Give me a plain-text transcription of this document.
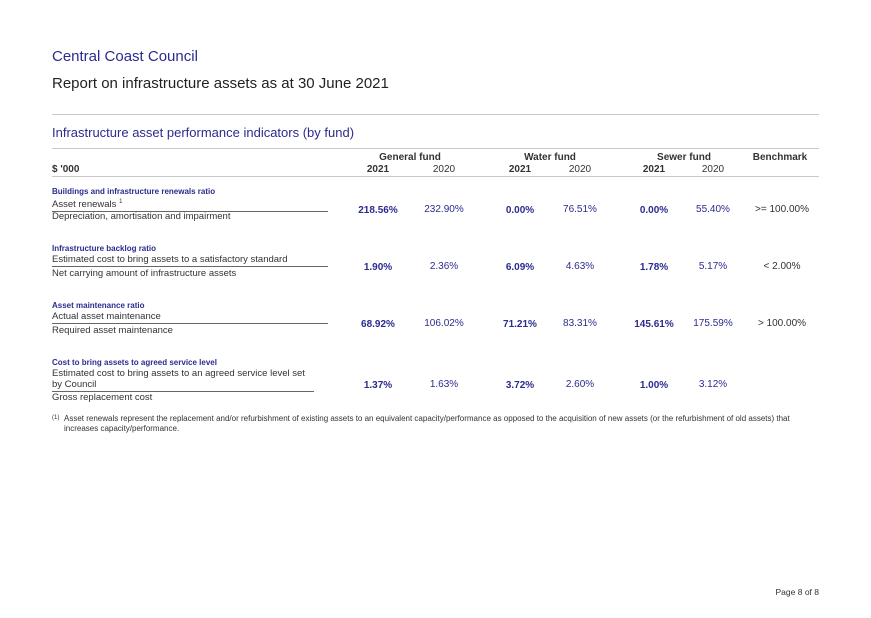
Central Coast Council
Report on infrastructure assets as at 30 June 2021
Infrastructure asset performance indicators (by fund)
General fund	Water fund	Sewer fund	Benchmark
$ '000	2021	2020	2021	2020	2021	2020
Buildings and infrastructure renewals ratio
Asset renewals $^1$
Depreciation, amortisation and impairment
218.56%	232.90%	0.00%	76.51%	0.00%	55.40%	>= 100.00%
Infrastructure backlog ratio
Estimated cost to bring assets to a satisfactory standard
Net carrying amount of infrastructure assets
1.90%	2.36%	6.09%	4.63%	1.78%	5.17%	< 2.00%
Asset maintenance ratio
Actual asset maintenance
Required asset maintenance
68.92%	106.02%	71.21%	83.31%	145.61%	175.59%	> 100.00%
Cost to bring assets to agreed service level
Estimated cost to bring assets to an agreed service level set by Council
Gross replacement cost
1.37%	1.63%	3.72%	2.60%	1.00%	3.12%
(1) Asset renewals represent the replacement and/or refurbishment of existing assets to an equivalent capacity/performance as opposed to the acquisition of new assets (or the refurbishment of old assets) that increases capacity/performance.
Page 8 of 8
